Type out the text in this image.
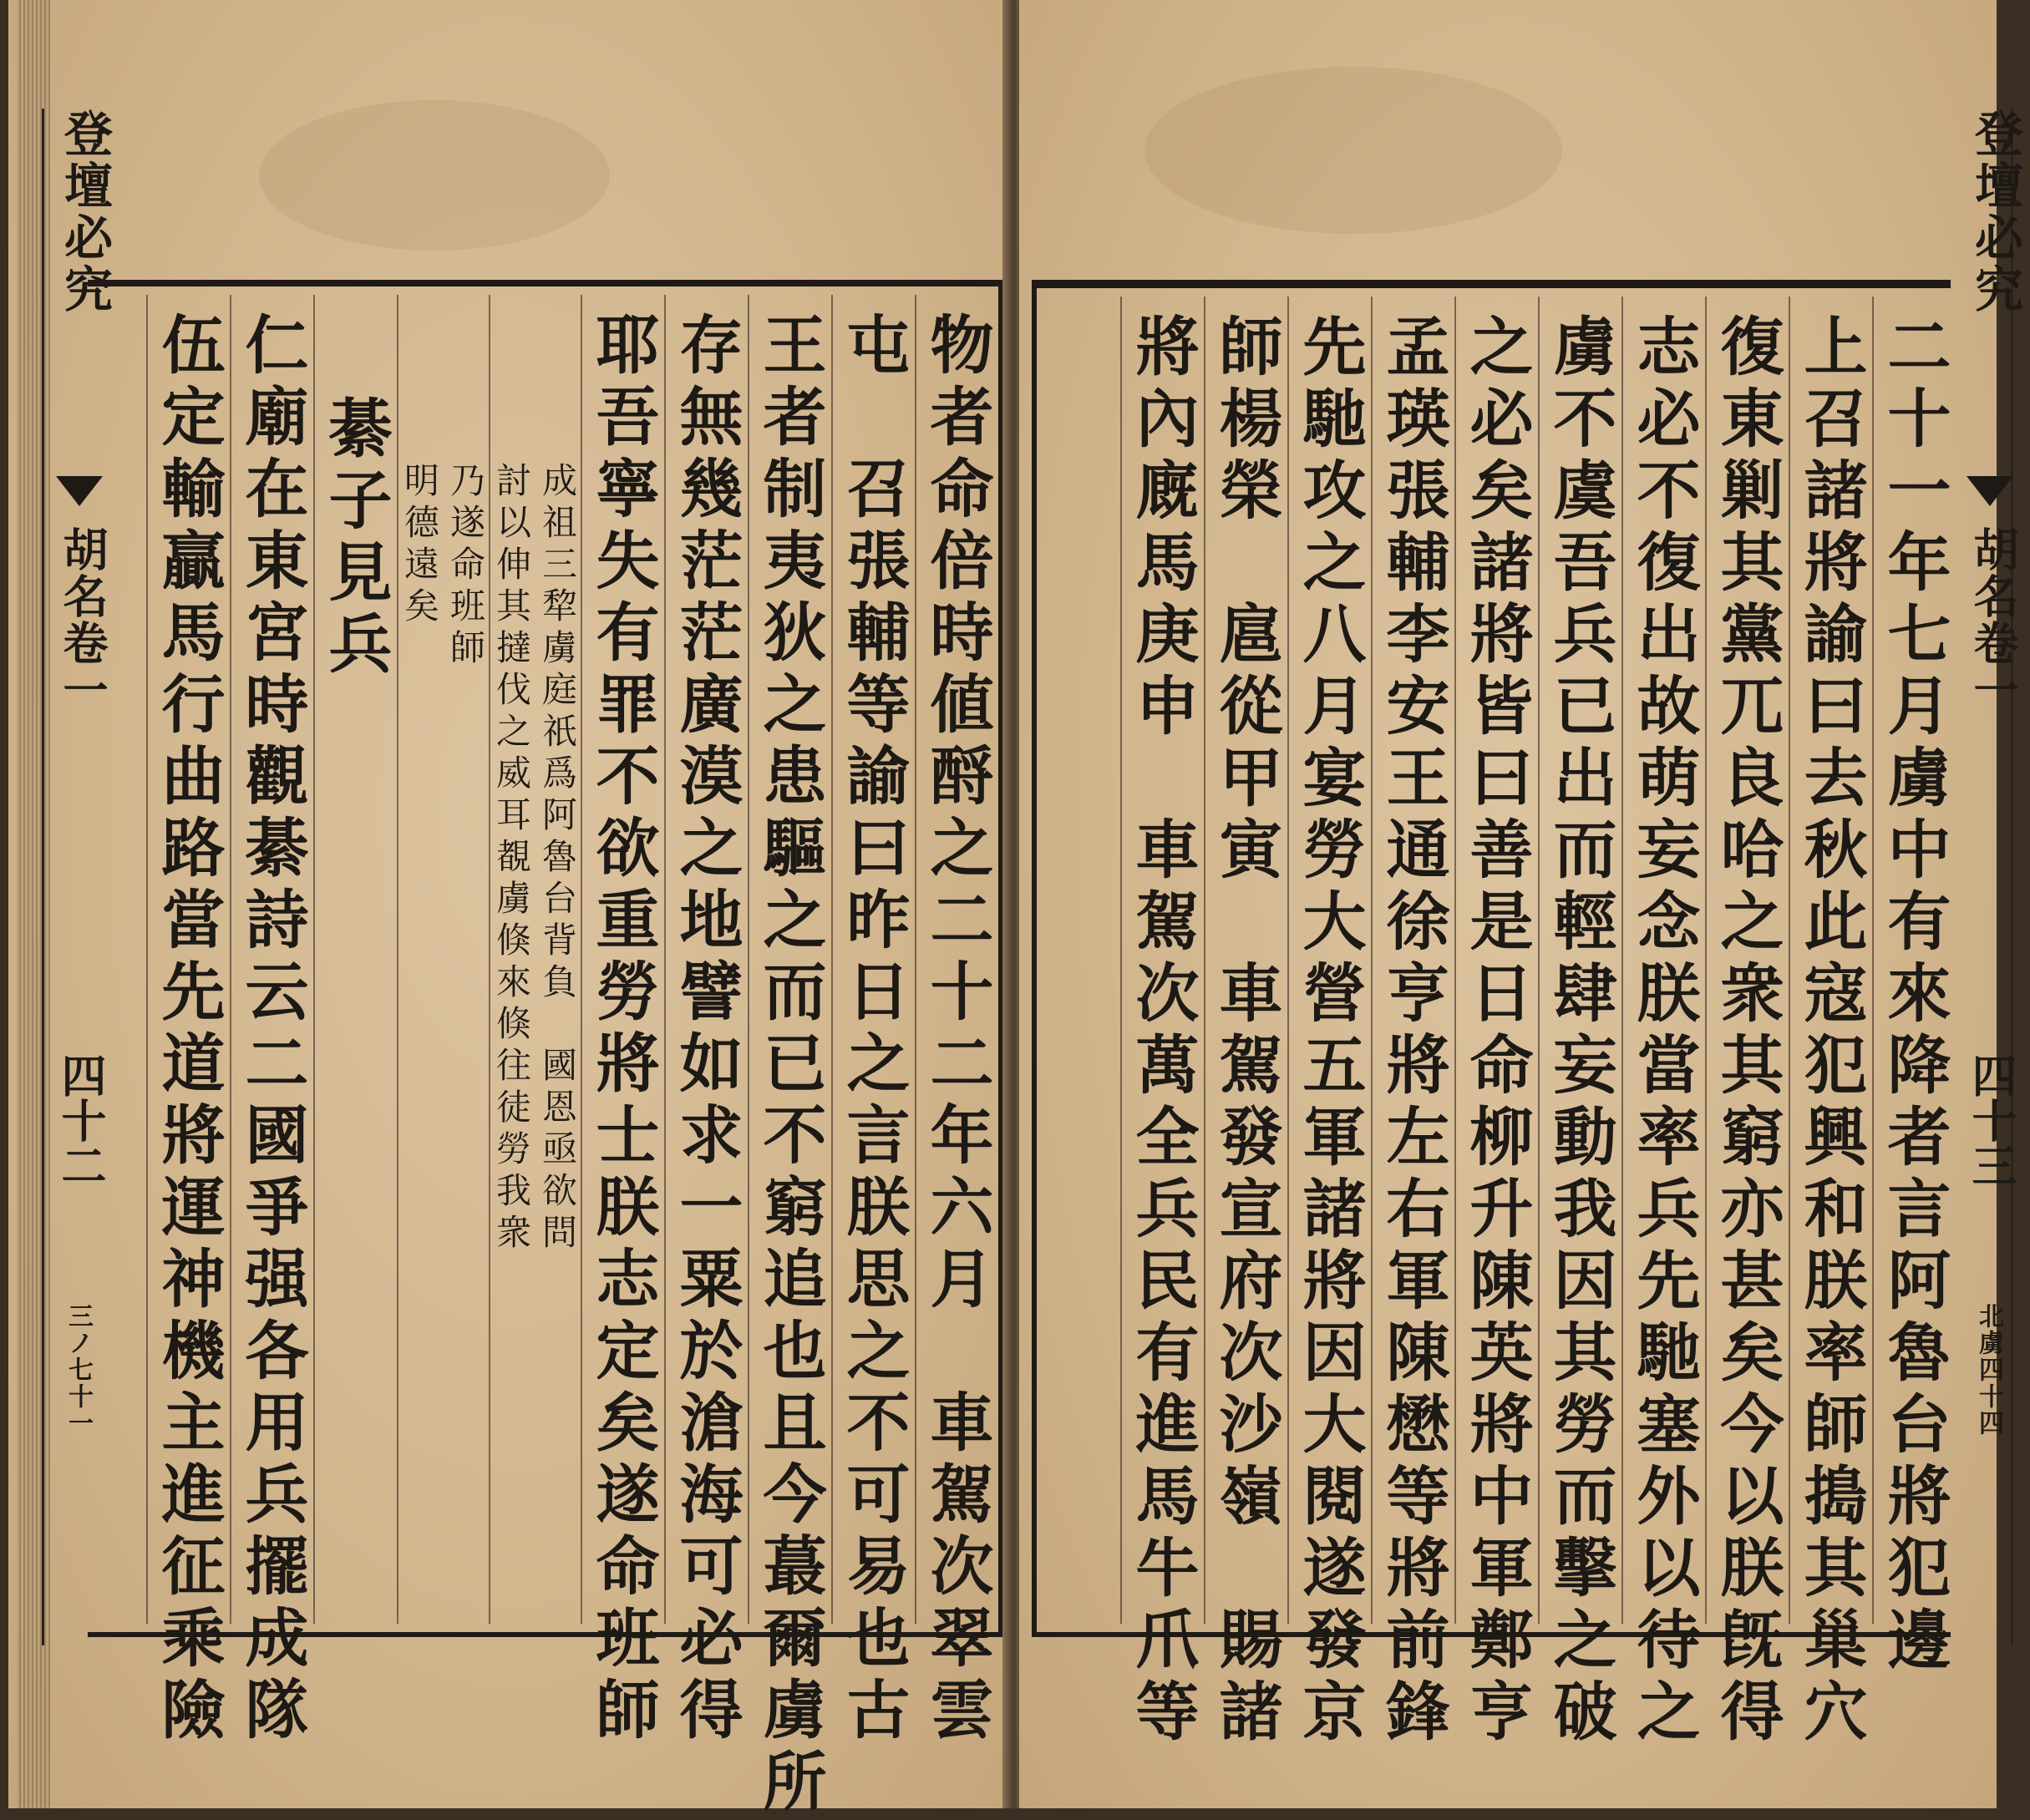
登壇必究
胡名卷一
四十二
三ノ七十一	物者命倍時値酹之二十二年六月　車駕次翠雲
屯　召張輔等諭曰昨日之言朕思之不可易也古
王者制夷狄之患驅之而已不窮追也且今蕞爾虜所
存無幾茫茫廣漠之地譬如求一粟於滄海可必得
耶吾寧失有罪不欲重勞將士朕志定矣遂命班師
成祖三犂虜庭祇爲阿魯台背負　國恩亟欲問
討以伸其撻伐之威耳覩虜倏來倏往徒勞我衆
乃遂命班師
明德遠矣
綦子見兵
仁廟在東宮時觀綦詩云二國爭强各用兵擺成隊
伍定輸贏馬行曲路當先道將運神機主進征乘險	二十一年七月虜中有來降者言阿魯台將犯邊
上召諸將諭曰去秋此寇犯興和朕率師搗其巢穴
復東剿其黨兀良哈之衆其窮亦甚矣今以朕旣得
志必不復出故萌妄念朕當率兵先馳塞外以待之
虜不虞吾兵已出而輕肆妄動我因其勞而擊之破
之必矣諸將皆曰善是日命柳升陳英將中軍鄭亨
孟瑛張輔李安王通徐亨將左右軍陳懋等將前鋒
先馳攻之八月宴勞大營五軍諸將因大閱遂發京
師楊榮　扈從甲寅　車駕發宣府次沙嶺　賜諸
將內廐馬庚申　車駕次萬全兵民有進馬牛爪等
登壇必究
胡名卷一
四十三
北虜四十四
